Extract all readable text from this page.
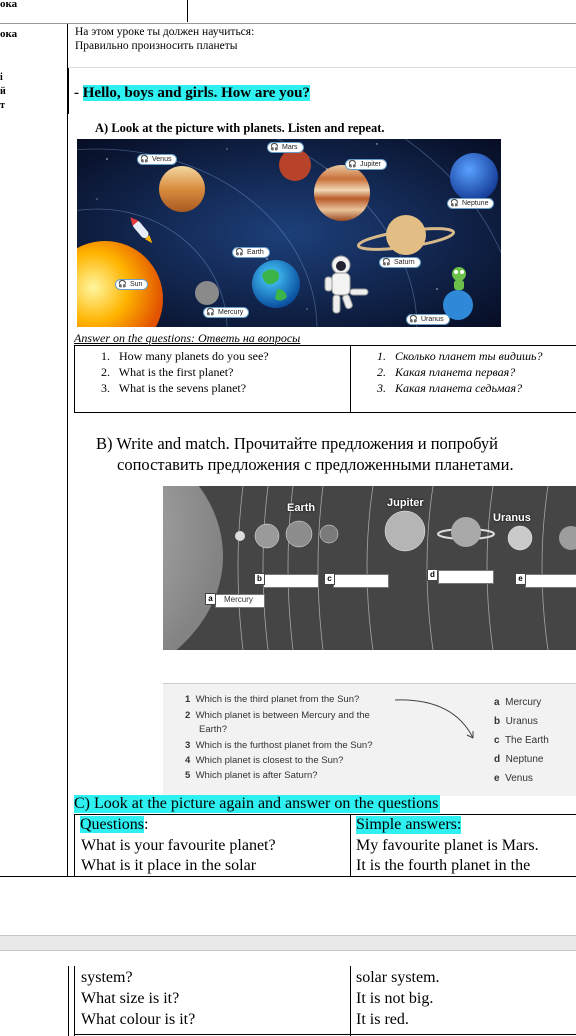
ока
ока
і
й
т
На этом уроке ты должен научиться:
Правильно произносить планеты
- Hello, boys and girls. How are you?
A) Look at the picture with planets. Listen and repeat.
🎧 Venus
🎧 Mars
🎧 Jupiter
🎧 Neptune
🎧 Earth
🎧 Saturn
🎧 Sun
🎧 Mercury
🎧 Uranus
Answer on the questions: Ответь на вопросы
1.   How many planets do you see?
2.   What is the first planet?
3.   What is the sevens planet?
1.   Сколько планет ты видишь?
2.   Какая планета первая?
3.   Какая планета седьмая?
B) Write and match. Прочитайте предложения и попробуй
сопоставить предложения с предложенными планетами.
Earth	Jupiter
Uranus
Mercury
a
b	c	d	e
1 Which is the third planet from the Sun?
2 Which planet is between Mercury and the
Earth?
3 Which is the furthost planet from the Sun?
4 Which planet is closest to the Sun?
5 Which planet is after Saturn?
a Mercury
b Uranus
c The Earth
d Neptune
e Venus
C) Look at the picture again and answer on the questions
Questions:	Simple answers:
What is your favourite planet?	My favourite planet is Mars.
What is it place in the solar	It is the fourth planet in the
system?	solar system.
What size is it?	It is not big.
What colour is it?	It is red.
